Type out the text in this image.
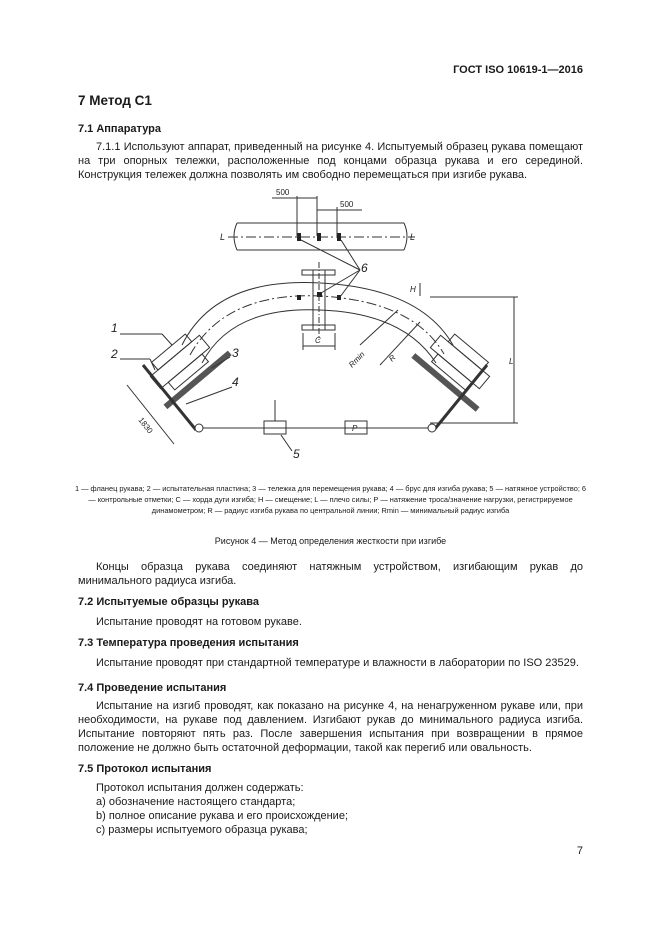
ГОСТ ISO 10619-1—2016
7 Метод С1
7.1 Аппаратура

7.1.1 Используют аппарат, приведенный на рисунке 4. Испытуемый образец рукава помещают на три опорных тележки, расположенные под концами образца рукава и его серединой. Конструкция тележек должна позволять им свободно перемещаться при изгибе рукава.

500
500
L	L
P
L
H
C
Rmin	R
1830
1
2	3
4
5
6

1 — фланец рукава; 2 — испытательная пластина; 3 — тележка для перемещения рукава; 4 — брус для изгиба рукава; 5 — натяжное устройство; 6 — контрольные отметки; С — хорда дуги изгиба; Н — смещение; L — плечо силы; Р — натяжение троса/значение нагрузки, регистрируемое динамометром; R — радиус изгиба рукава по центральной линии; Rmin — минимальный радиус изгиба

Рисунок 4 — Метод определения жесткости при изгибе

Концы образца рукава соединяют натяжным устройством, изгибающим рукав до минимального радиуса изгиба.

7.2 Испытуемые образцы рукава

Испытание проводят на готовом рукаве.

7.3 Температура проведения испытания

Испытание проводят при стандартной температуре и влажности в лаборатории по ISO 23529.

7.4 Проведение испытания

Испытание на изгиб проводят, как показано на рисунке 4, на ненагруженном рукаве или, при необходимости, на рукаве под давлением. Изгибают рукав до минимального радиуса изгиба. Испытание повторяют пять раз. После завершения испытания при возвращении в прямое положение не должно быть остаточной деформации, такой как перегиб или овальность.

7.5 Протокол испытания

Протокол испытания должен содержать:

a) обозначение настоящего стандарта;

b) полное описание рукава и его происхождение;

c) размеры испытуемого образца рукава;

7
